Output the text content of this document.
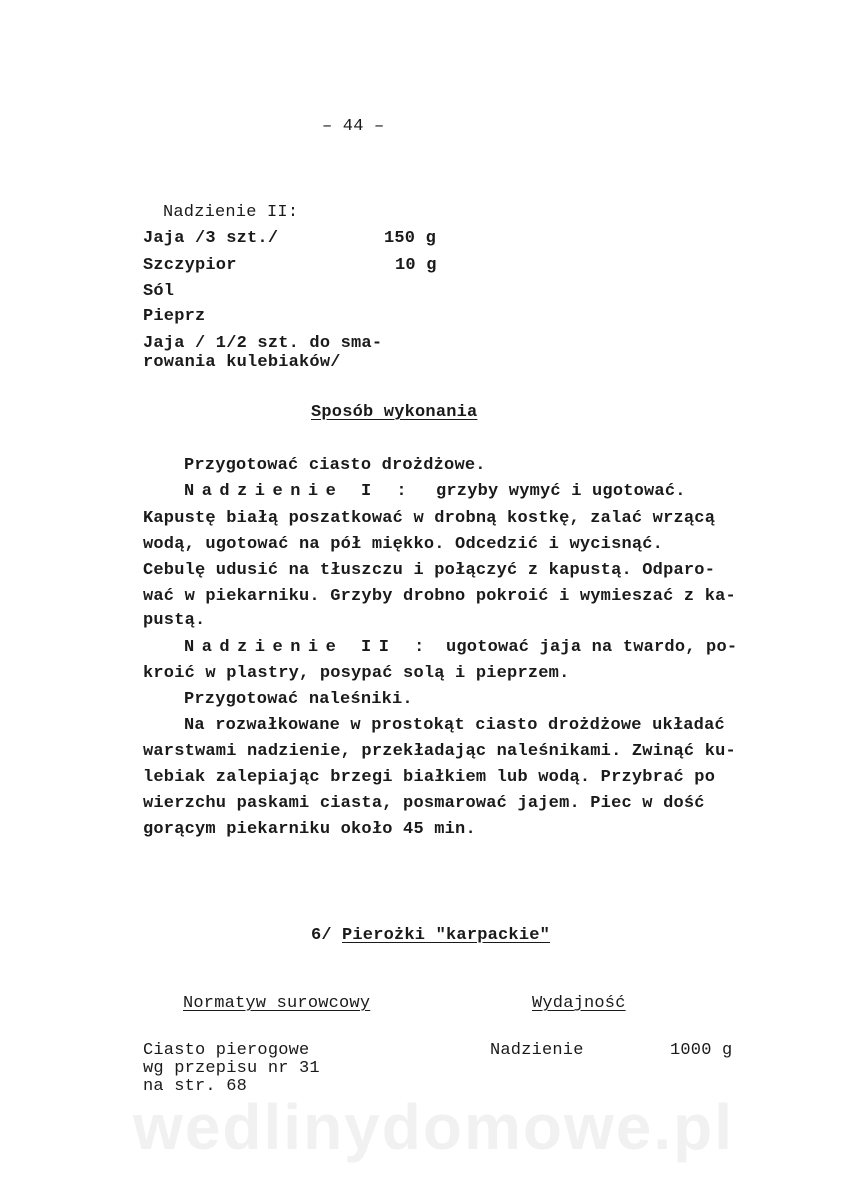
– 44 –
Nadzienie II:
Jaja /3 szt./	150 g
Szczypior	10 g
Sól
Pieprz
Jaja / 1/2 szt. do sma-
rowania kulebiaków/
Sposób wykonania
Przygotować ciasto drożdżowe.
Nadzienie I : grzyby wymyć i ugotować.
Kapustę białą poszatkować w drobną kostkę, zalać wrzącą
wodą, ugotować na pół miękko. Odcedzić i wycisnąć.
Cebulę udusić na tłuszczu i połączyć z kapustą. Odparo-
wać w piekarniku. Grzyby drobno pokroić i wymieszać z ka-
pustą.
Nadzienie II : ugotować jaja na twardo, po-
kroić w plastry, posypać solą i pieprzem.
Przygotować naleśniki.
Na rozwałkowane w prostokąt ciasto drożdżowe układać
warstwami nadzienie, przekładając naleśnikami. Zwinąć ku-
lebiak zalepiając brzegi białkiem lub wodą. Przybrać po
wierzchu paskami ciasta, posmarować jajem. Piec w dość
gorącym piekarniku około 45 min.
6/ Pierożki "karpackie"
Normatyw surowcowy	Wydajność
Ciasto pierogowe
wg przepisu nr 31
na str. 68
Nadzienie	1000 g
wedlinydomowe.pl
